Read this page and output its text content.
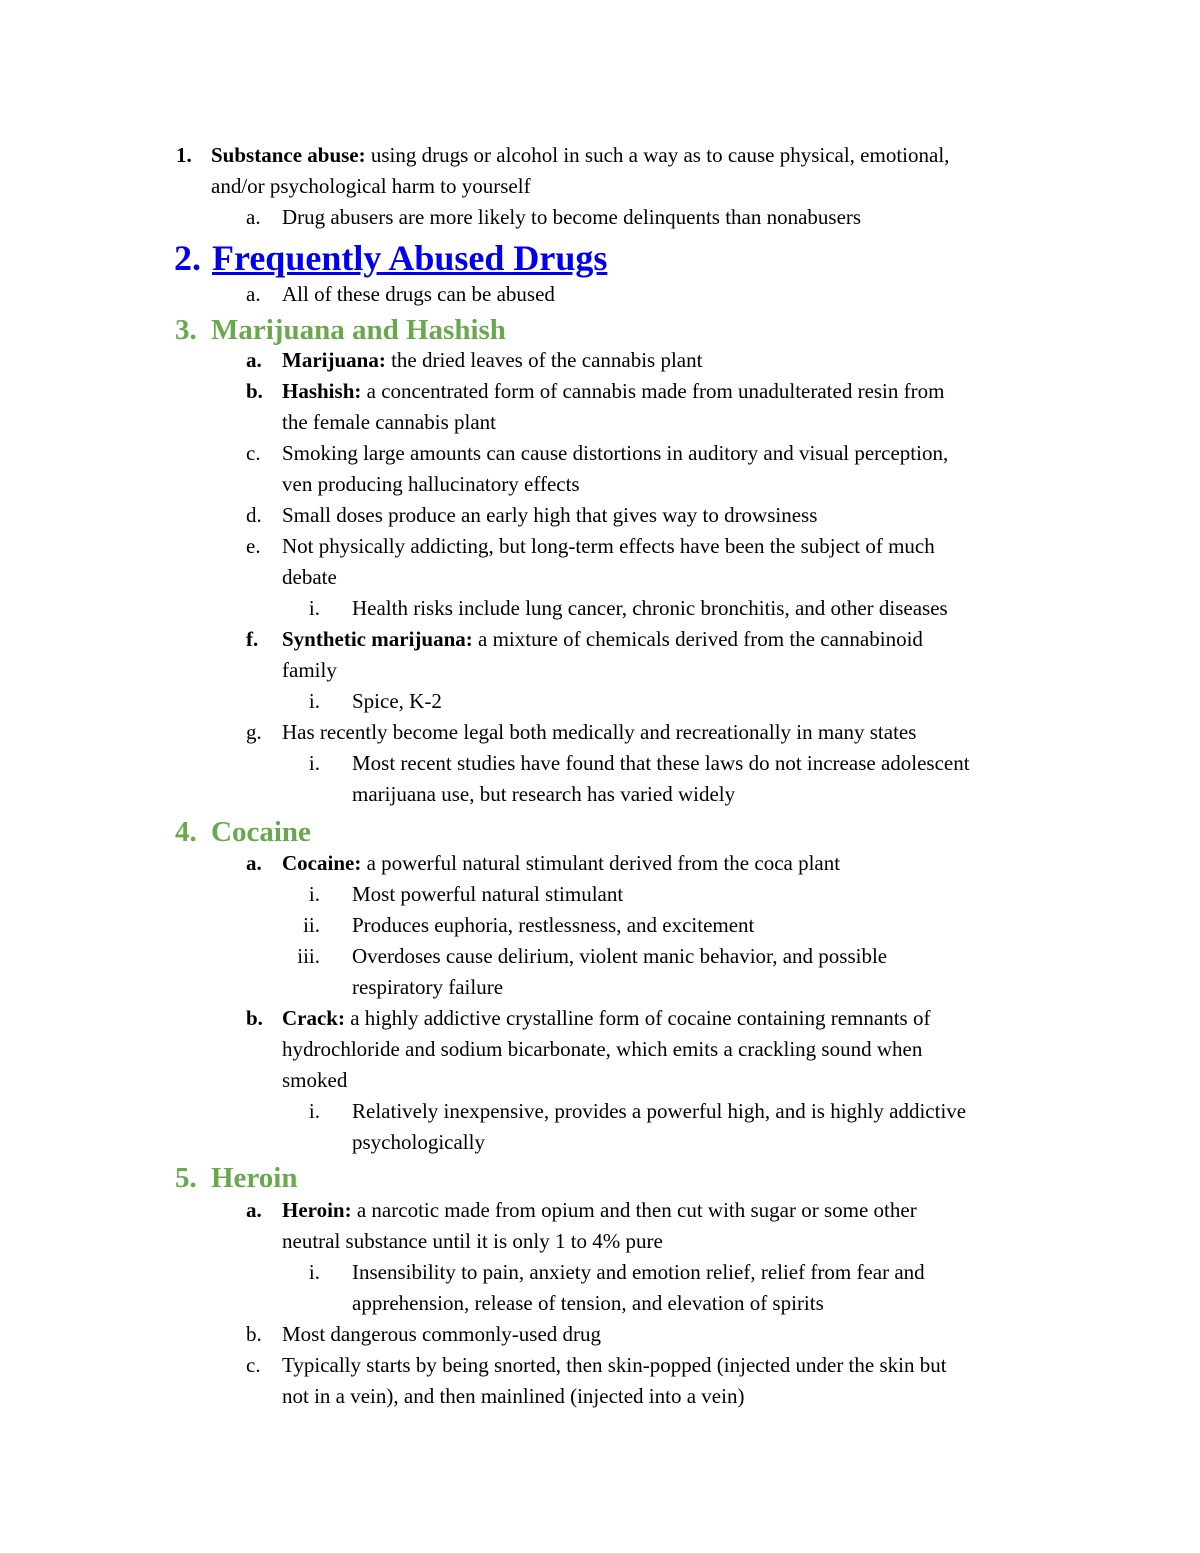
1. Substance abuse: using drugs or alcohol in such a way as to cause physical, emotional,
and/or psychological harm to yourself
a. Drug abusers are more likely to become delinquents than nonabusers
2. Frequently Abused Drugs
a. All of these drugs can be abused
3. Marijuana and Hashish
a. Marijuana: the dried leaves of the cannabis plant
b. Hashish: a concentrated form of cannabis made from unadulterated resin from
the female cannabis plant
c. Smoking large amounts can cause distortions in auditory and visual perception,
ven producing hallucinatory effects
d. Small doses produce an early high that gives way to drowsiness
e. Not physically addicting, but long-term effects have been the subject of much
debate
i. Health risks include lung cancer, chronic bronchitis, and other diseases
f. Synthetic marijuana: a mixture of chemicals derived from the cannabinoid
family
i. Spice, K-2
g. Has recently become legal both medically and recreationally in many states
i. Most recent studies have found that these laws do not increase adolescent
marijuana use, but research has varied widely
4. Cocaine
a. Cocaine: a powerful natural stimulant derived from the coca plant
i. Most powerful natural stimulant
ii. Produces euphoria, restlessness, and excitement
iii. Overdoses cause delirium, violent manic behavior, and possible
respiratory failure
b. Crack: a highly addictive crystalline form of cocaine containing remnants of
hydrochloride and sodium bicarbonate, which emits a crackling sound when
smoked
i. Relatively inexpensive, provides a powerful high, and is highly addictive
psychologically
5. Heroin
a. Heroin: a narcotic made from opium and then cut with sugar or some other
neutral substance until it is only 1 to 4% pure
i. Insensibility to pain, anxiety and emotion relief, relief from fear and
apprehension, release of tension, and elevation of spirits
b. Most dangerous commonly-used drug
c. Typically starts by being snorted, then skin-popped (injected under the skin but
not in a vein), and then mainlined (injected into a vein)
